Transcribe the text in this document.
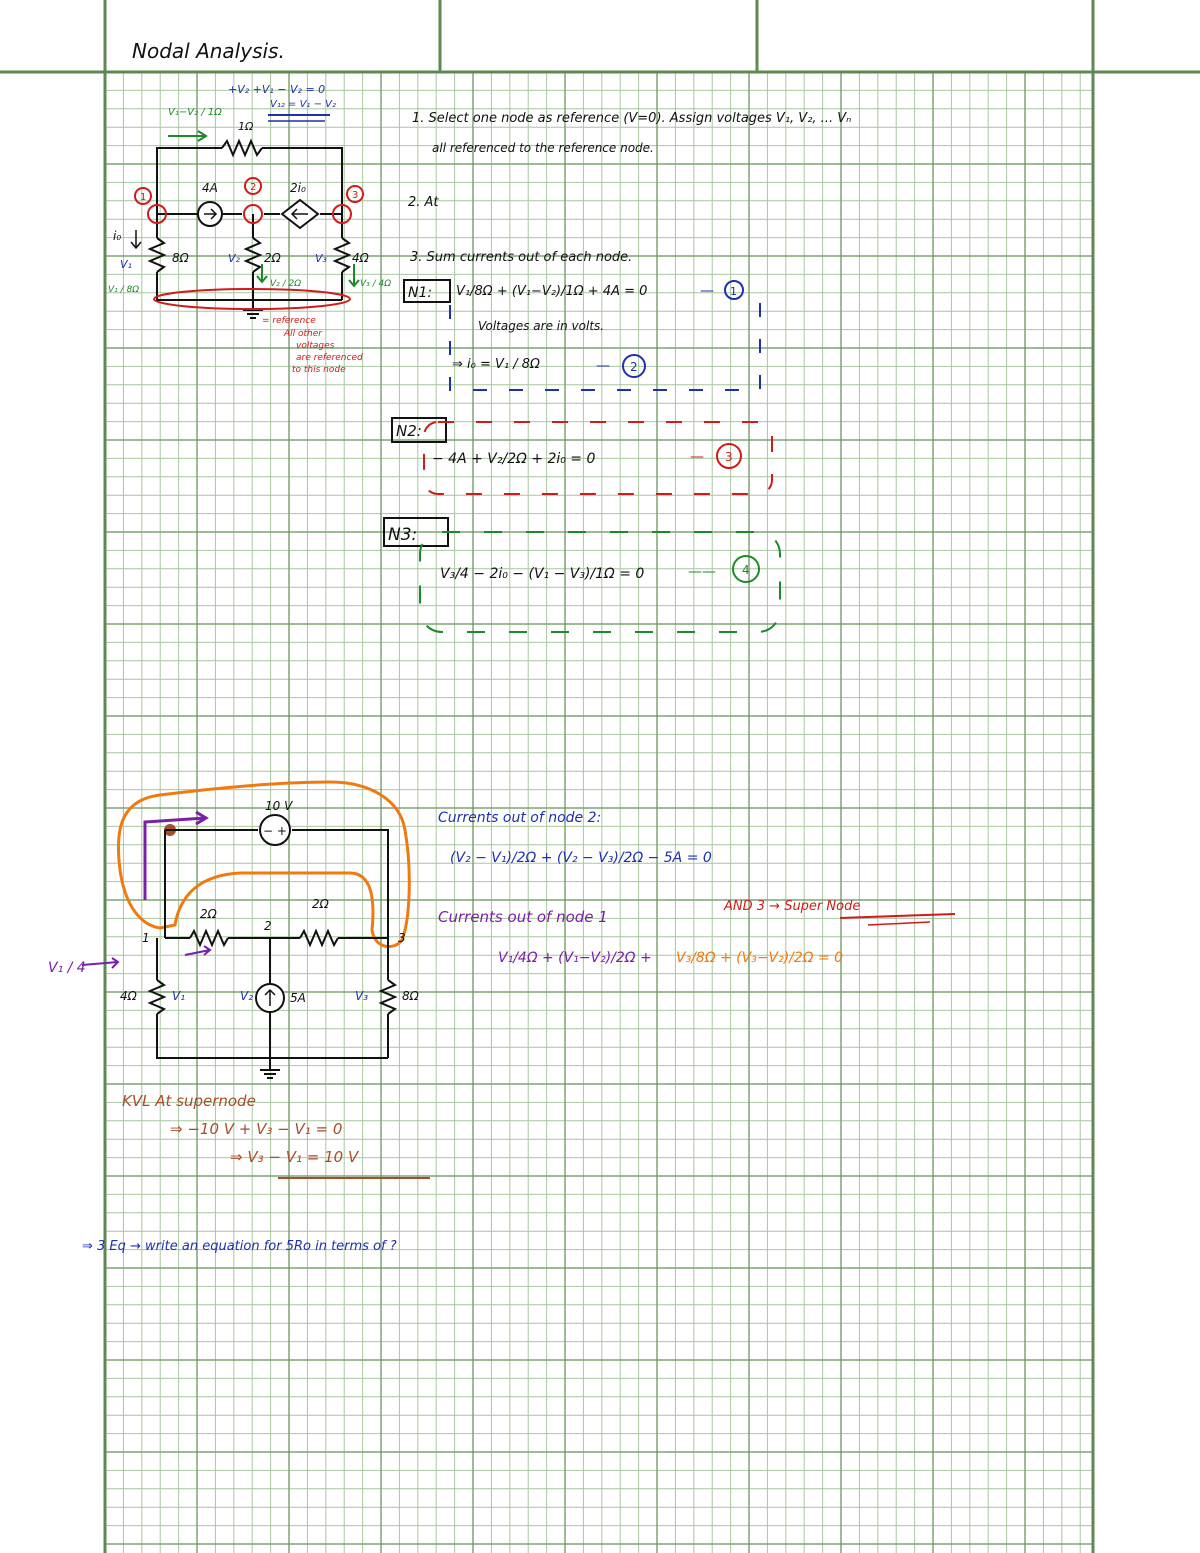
Nodal Analysis.
+V₂ +V₁ − V₂ = 0
V₁₂ = V₁ − V₂
V₁−V₂ / 1Ω
1Ω
4A	2i₀
1
2
3
i₀
8Ω	2Ω	4Ω
V₁	V₂	V₃
V₁ / 8Ω
V₂ / 2Ω	V₃ / 4Ω
= reference
All other
voltages
are referenced
to this node
1. Select one node as reference (V=0). Assign voltages V₁, V₂, ... Vₙ
all referenced to the reference node.
2. At
3. Sum currents out of each node.
N1: V₁/8Ω + (V₁−V₂)/1Ω + 4A = 0	— 1
Voltages are in volts.
⇒ i₀ = V₁ / 8Ω	— 2
N2:
− 4A + V₂/2Ω + 2i₀ = 0	— 3
N3:
V₃/4 − 2i₀ − (V₁ − V₃)/1Ω = 0	—— 4
− +
10 V
5A
2Ω
2Ω
1
2
3
4Ω	8Ω
V₁	V₂	V₃
V₁ / 4
KVL At supernode
⇒ −10 V + V₃ − V₁ = 0
⇒ V₃ − V₁ = 10 V
Currents out of node 2:
(V₂ − V₁)/2Ω + (V₂ − V₃)/2Ω − 5A = 0
Currents out of node 1
AND 3 → Super Node
V₁/4Ω + (V₁−V₂)/2Ω + V₃/8Ω + (V₃−V₂)/2Ω = 0
⇒ 3 Eq → write an equation for 5Ro in terms of ?
